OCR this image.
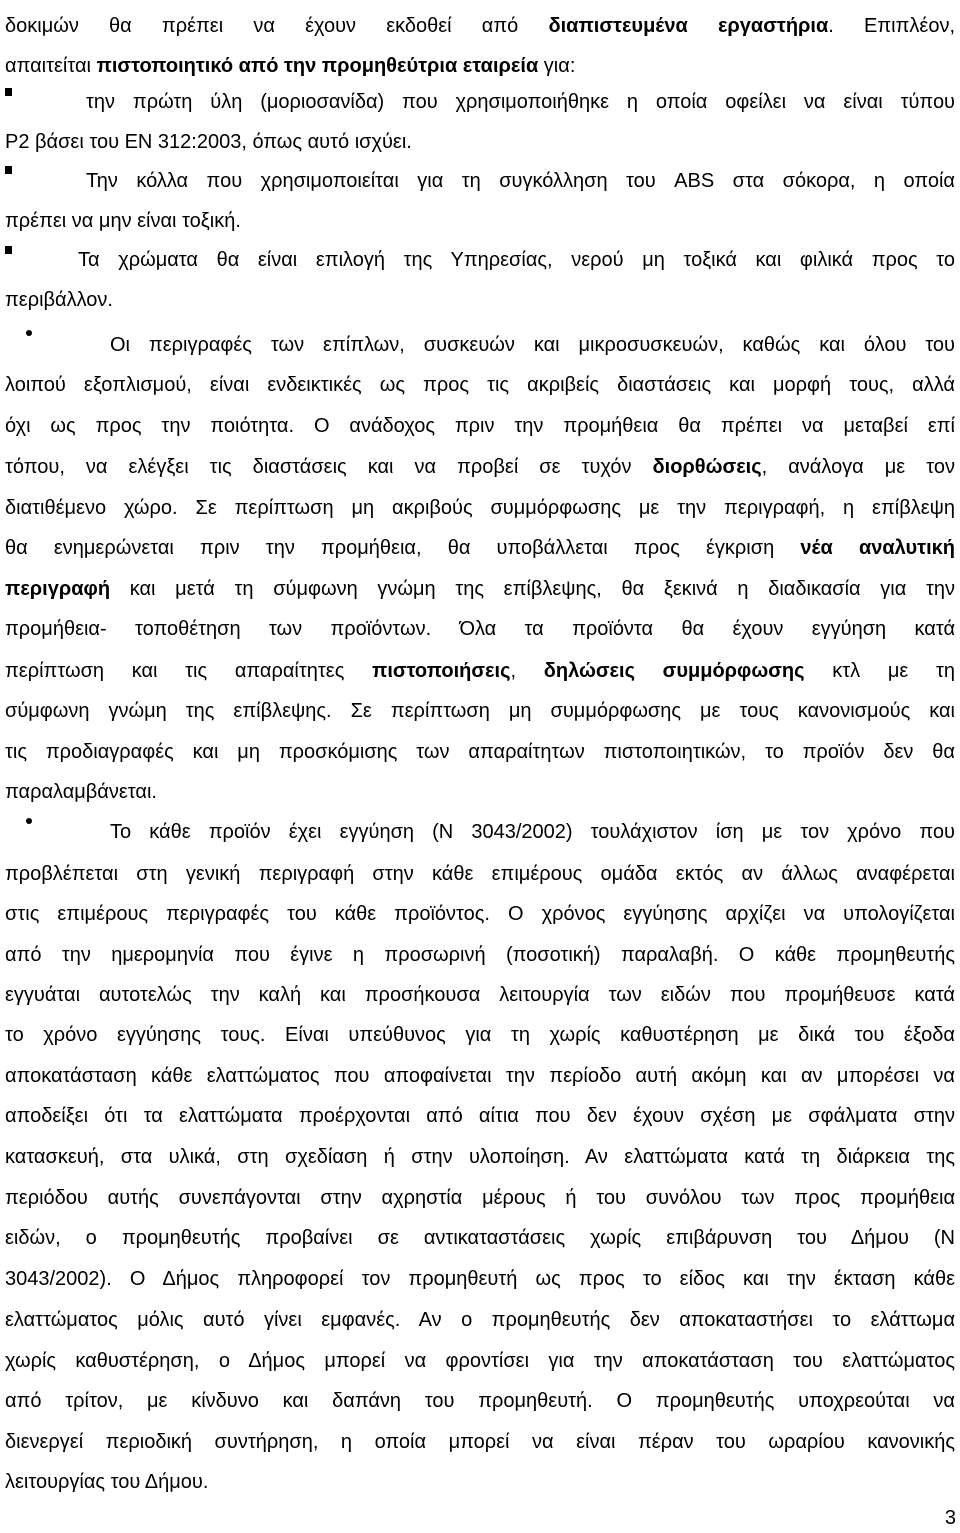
δοκιμών θα πρέπει να έχουν εκδοθεί από διαπιστευμένα εργαστήρια. Επιπλέον,
απαιτείται πιστοποιητικό από την προμηθεύτρια εταιρεία για:
την πρώτη ύλη (μοριοσανίδα) που χρησιμοποιήθηκε η οποία οφείλει να είναι τύπου
P2 βάσει του EN 312:2003, όπως αυτό ισχύει.
Την κόλλα που χρησιμοποιείται για τη συγκόλληση του ABS στα σόκορα, η οποία
πρέπει να μην είναι τοξική.
Τα χρώματα θα είναι επιλογή της Υπηρεσίας, νερού μη τοξικά και φιλικά προς το
περιβάλλον.
Οι περιγραφές των επίπλων, συσκευών και μικροσυσκευών, καθώς και όλου του
λοιπού εξοπλισμού, είναι ενδεικτικές ως προς τις ακριβείς διαστάσεις και μορφή τους, αλλά
όχι ως προς την ποιότητα. Ο ανάδοχος πριν την προμήθεια θα πρέπει να μεταβεί επί
τόπου, να ελέγξει τις διαστάσεις και να προβεί σε τυχόν διορθώσεις, ανάλογα με τον
διατιθέμενο χώρο. Σε περίπτωση μη ακριβούς συμμόρφωσης με την περιγραφή, η επίβλεψη
θα ενημερώνεται πριν την προμήθεια, θα υποβάλλεται προς έγκριση νέα αναλυτική
περιγραφή και μετά τη σύμφωνη γνώμη της επίβλεψης, θα ξεκινά η διαδικασία για την
προμήθεια- τοποθέτηση των προϊόντων. Όλα τα προϊόντα θα έχουν εγγύηση κατά
περίπτωση και τις απαραίτητες πιστοποιήσεις, δηλώσεις συμμόρφωσης κτλ με τη
σύμφωνη γνώμη της επίβλεψης. Σε περίπτωση μη συμμόρφωσης με τους κανονισμούς και
τις προδιαγραφές και μη προσκόμισης των απαραίτητων πιστοποιητικών, το προϊόν δεν θα
παραλαμβάνεται.
Το κάθε προϊόν έχει εγγύηση (Ν 3043/2002) τουλάχιστον ίση με τον χρόνο που
προβλέπεται στη γενική περιγραφή στην κάθε επιμέρους ομάδα εκτός αν άλλως αναφέρεται
στις επιμέρους περιγραφές του κάθε προϊόντος. Ο χρόνος εγγύησης αρχίζει να υπολογίζεται
από την ημερομηνία που έγινε η προσωρινή (ποσοτική) παραλαβή. Ο κάθε προμηθευτής
εγγυάται αυτοτελώς την καλή και προσήκουσα λειτουργία των ειδών που προμήθευσε κατά
το χρόνο εγγύησης τους. Είναι υπεύθυνος για τη χωρίς καθυστέρηση με δικά του έξοδα
αποκατάσταση κάθε ελαττώματος που αποφαίνεται την περίοδο αυτή ακόμη και αν μπορέσει να
αποδείξει ότι τα ελαττώματα προέρχονται από αίτια που δεν έχουν σχέση με σφάλματα στην
κατασκευή, στα υλικά, στη σχεδίαση ή στην υλοποίηση. Αν ελαττώματα κατά τη διάρκεια της
περιόδου αυτής συνεπάγονται στην αχρηστία μέρους ή του συνόλου των προς προμήθεια
ειδών, ο προμηθευτής προβαίνει σε αντικαταστάσεις χωρίς επιβάρυνση του Δήμου (Ν
3043/2002). Ο Δήμος πληροφορεί τον προμηθευτή ως προς το είδος και την έκταση κάθε
ελαττώματος μόλις αυτό γίνει εμφανές. Αν ο προμηθευτής δεν αποκαταστήσει το ελάττωμα
χωρίς καθυστέρηση, ο Δήμος μπορεί να φροντίσει για την αποκατάσταση του ελαττώματος
από τρίτον, με κίνδυνο και δαπάνη του προμηθευτή. Ο προμηθευτής υποχρεούται να
διενεργεί περιοδική συντήρηση, η οποία μπορεί να είναι πέραν του ωραρίου κανονικής
λειτουργίας του Δήμου.
3
